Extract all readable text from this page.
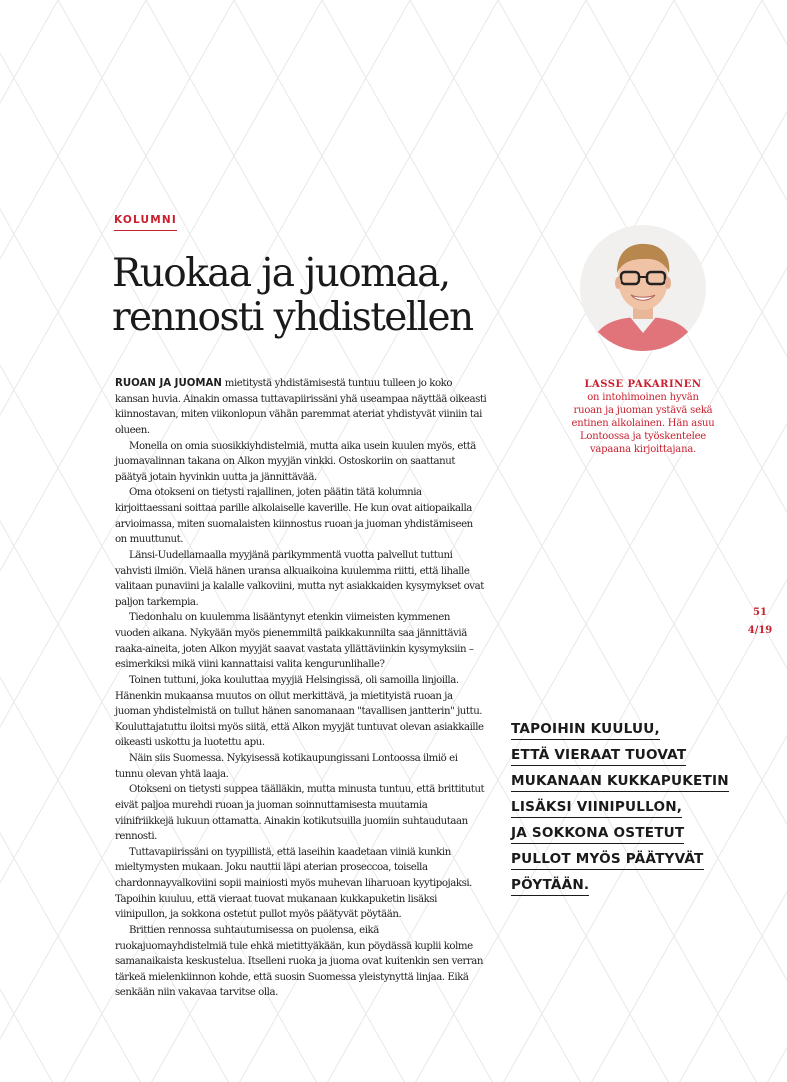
KOLUMNI
Ruokaa ja juomaa,
rennosti yhdistellen

RUOAN JA JUOMAN mietitystä yhdistämisestä tuntuu tulleen jo koko kansan huvia. Ainakin omassa tuttavapiirissäni yhä useampaa näyttää oikeasti kiinnostavan, miten viikonlopun vähän paremmat ateriat yhdistyvät viiniin tai olueen.

Monella on omia suosikkiyhdistelmiä, mutta aika usein kuulen myös, että juomavalinnan takana on Alkon myyjän vinkki. Ostoskoriin on saattanut päätyä jotain hyvinkin uutta ja jännittävää.

Oma otokseni on tietysti rajallinen, joten päätin tätä kolumnia kirjoittaessani soittaa parille alkolaiselle kaverille. He kun ovat aitiopaikalla arvioimassa, miten suomalaisten kiinnostus ruoan ja juoman yhdistämiseen on muuttunut.

Länsi-Uudellamaalla myyjänä parikymmentä vuotta palvellut tuttuni vahvisti ilmiön. Vielä hänen uransa alkuaikoina kuulemma riitti, että lihalle valitaan punaviini ja kalalle valkoviini, mutta nyt asiakkaiden kysymykset ovat paljon tarkempia.

Tiedonhalu on kuulemma lisääntynyt etenkin viimeisten kymmenen vuoden aikana. Nykyään myös pienemmiltä paikkakunnilta saa jännittäviä raaka-aineita, joten Alkon myyjät saavat vastata yllättäviinkin kysymyksiin – esimerkiksi mikä viini kannattaisi valita kengurunlihalle?

Toinen tuttuni, joka kouluttaa myyjiä Helsingissä, oli samoilla linjoilla. Hänenkin mukaansa muutos on ollut merkittävä, ja mietityistä ruoan ja juoman yhdistelmistä on tullut hänen sanomanaan "tavallisen jantterin" juttu. Kouluttajatuttu iloitsi myös siitä, että Alkon myyjät tuntuvat olevan asiakkaille oikeasti uskottu ja luotettu apu.

Näin siis Suomessa. Nykyisessä kotikaupungissani Lontoossa ilmiö ei tunnu olevan yhtä laaja.

Otokseni on tietysti suppea täälläkin, mutta minusta tuntuu, että brittitutut eivät paljoa murehdi ruoan ja juoman soinnuttamisesta muutamia viinifriikkejä lukuun ottamatta. Ainakin kotikutsuilla juomiin suhtaudutaan rennosti.

Tuttavapiirissäni on tyypillistä, että laseihin kaadetaan viiniä kunkin mieltymysten mukaan. Joku nauttii läpi aterian proseccoa, toisella chardonnayvalkoviini sopii mainiosti myös muhevan liharuoan kyytipojaksi. Tapoihin kuuluu, että vieraat tuovat mukanaan kukkapuketin lisäksi viinipullon, ja sokkona ostetut pullot myös päätyvät pöytään.

Brittien rennossa suhtautumisessa on puolensa, eikä ruokajuomayhdistelmiä tule ehkä mietittyäkään, kun pöydässä kuplii kolme samanaikaista keskustelua. Itselleni ruoka ja juoma ovat kuitenkin sen verran tärkeä mielenkiinnon kohde, että suosin Suomessa yleistynyttä linjaa. Eikä senkään niin vakavaa tarvitse olla.

LASSE PAKARINEN
on intohimoinen hyvän
ruoan ja juoman ystävä sekä
entinen alkolainen. Hän asuu
Lontoossa ja työskentelee
vapaana kirjoittajana.
51
4/19
TAPOIHIN KUULUU,
ETTÄ VIERAAT TUOVAT
MUKANAAN KUKKAPUKETIN
LISÄKSI VIINIPULLON,
JA SOKKONA OSTETUT
PULLOT MYÖS PÄÄTYVÄT
PÖYTÄÄN.
